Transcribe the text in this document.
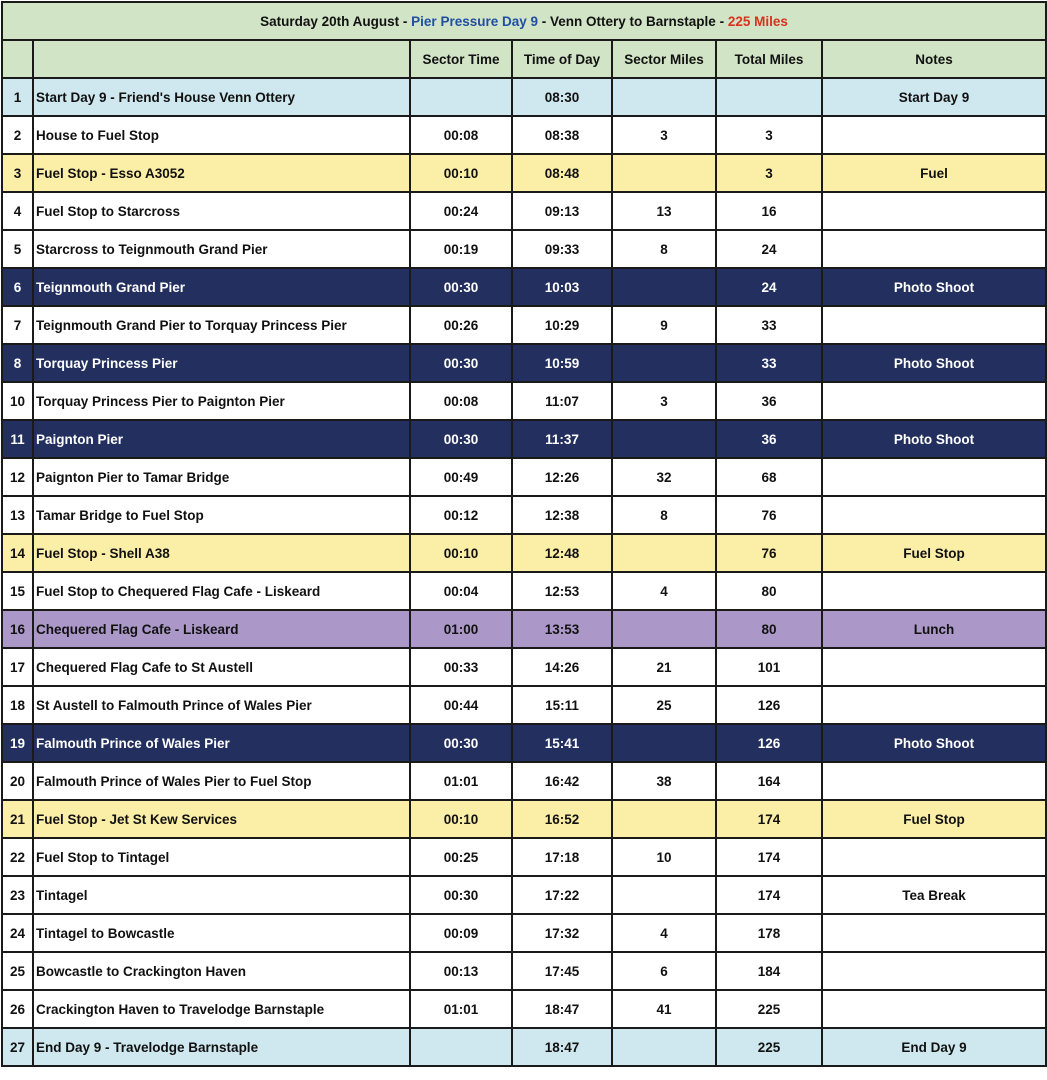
Saturday 20th August - Pier Pressure Day 9 - Venn Ottery to Barnstaple - 225 Miles						
		Sector Time	Time of Day	Sector Miles	Total Miles	Notes
1	Start Day 9 - Friend's House Venn Ottery		08:30			Start Day 9
2	House to Fuel Stop	00:08	08:38	3	3	
3	Fuel Stop - Esso A3052	00:10	08:48		3	Fuel
4	Fuel Stop to Starcross	00:24	09:13	13	16	
5	Starcross to Teignmouth Grand Pier	00:19	09:33	8	24	
6	Teignmouth Grand Pier	00:30	10:03		24	Photo Shoot
7	Teignmouth Grand Pier to Torquay Princess Pier	00:26	10:29	9	33	
8	Torquay Princess Pier	00:30	10:59		33	Photo Shoot
10	Torquay Princess Pier to Paignton Pier	00:08	11:07	3	36	
11	Paignton Pier	00:30	11:37		36	Photo Shoot
12	Paignton Pier to Tamar Bridge	00:49	12:26	32	68	
13	Tamar Bridge to Fuel Stop	00:12	12:38	8	76	
14	Fuel Stop - Shell A38	00:10	12:48		76	Fuel Stop
15	Fuel Stop to Chequered Flag Cafe - Liskeard	00:04	12:53	4	80	
16	Chequered Flag Cafe - Liskeard	01:00	13:53		80	Lunch
17	Chequered Flag Cafe to St Austell	00:33	14:26	21	101	
18	St Austell to Falmouth Prince of Wales Pier	00:44	15:11	25	126	
19	Falmouth Prince of Wales Pier	00:30	15:41		126	Photo Shoot
20	Falmouth Prince of Wales Pier to Fuel Stop	01:01	16:42	38	164	
21	Fuel Stop - Jet St Kew Services	00:10	16:52		174	Fuel Stop
22	Fuel Stop to Tintagel	00:25	17:18	10	174	
23	Tintagel	00:30	17:22		174	Tea Break
24	Tintagel to Bowcastle	00:09	17:32	4	178	
25	Bowcastle to Crackington Haven	00:13	17:45	6	184	
26	Crackington Haven to Travelodge Barnstaple	01:01	18:47	41	225	
27	End Day 9 - Travelodge Barnstaple		18:47		225	End Day 9
